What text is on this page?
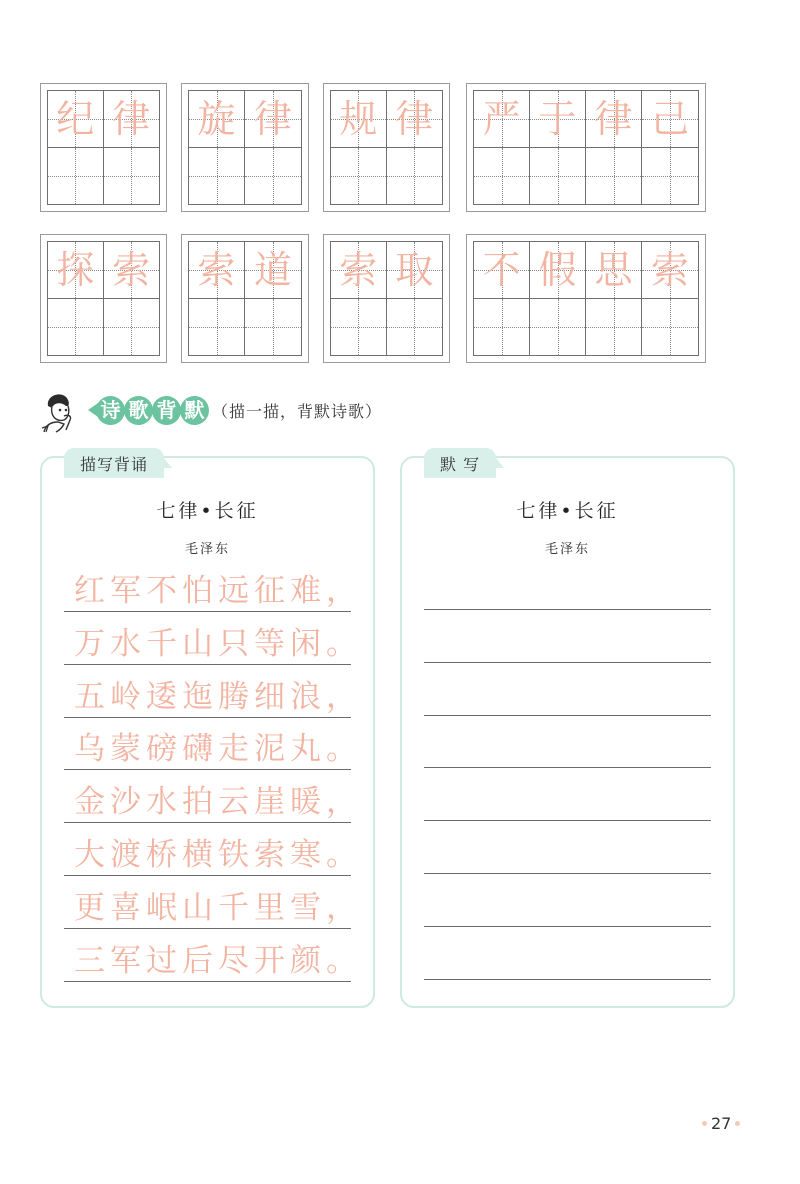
纪 律 旋 律 规 律 严 于 律 己
探 索 索 道 索 取 不 假 思 索
诗 歌 背 默 （描一描，背默诗歌）
描写背诵
七律•长征
毛泽东
红军不怕远征难，
万水千山只等闲。
五岭逶迤腾细浪，
乌蒙磅礴走泥丸。
金沙水拍云崖暖，
大渡桥横铁索寒。
更喜岷山千里雪，
三军过后尽开颜。
默 写
七律•长征
毛泽东
27
